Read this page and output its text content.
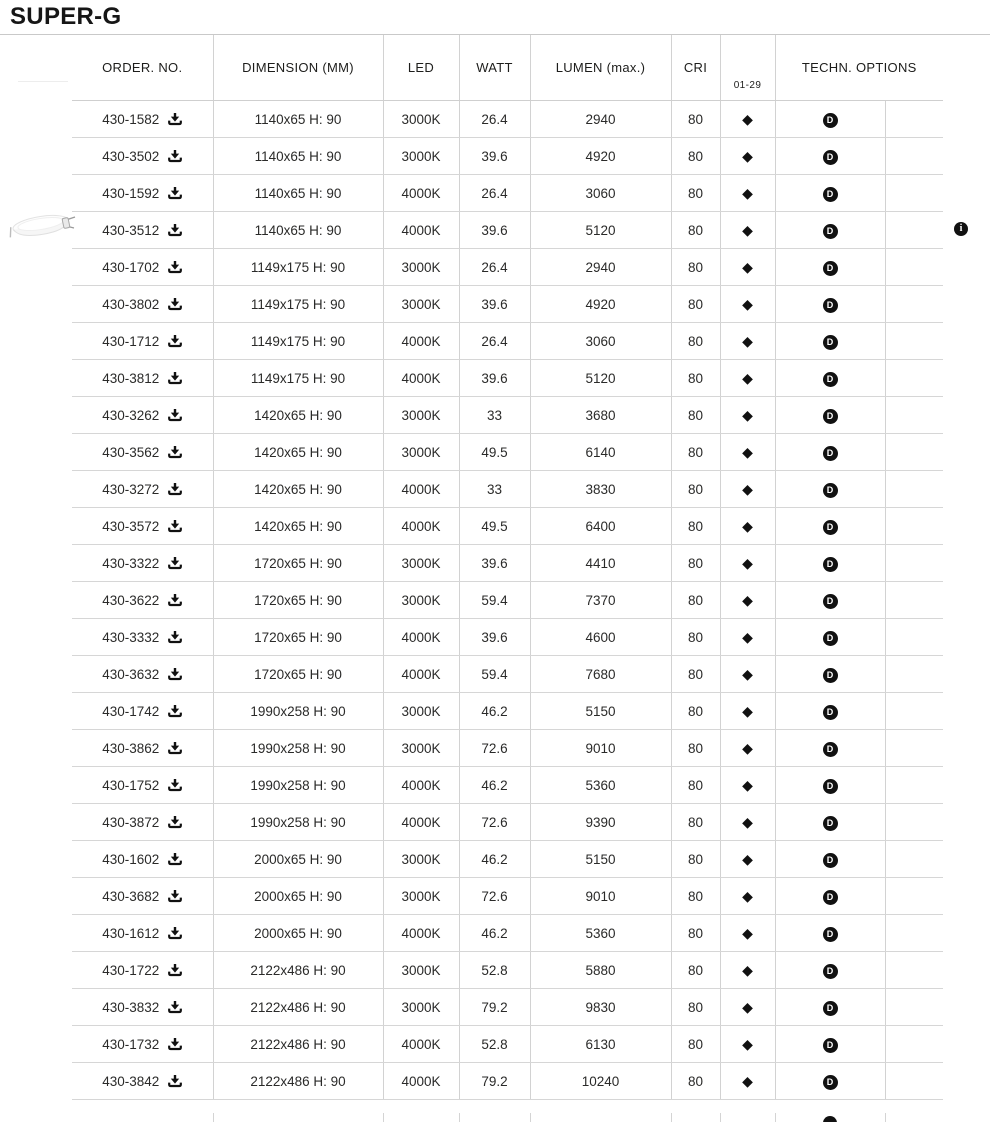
SUPER-G
ORDER. NO.	DIMENSION (MM)	LED	WATT	LUMEN (max.)	CRI	01-29	TECHN. OPTIONS	

430-1582	1140x65 H: 90	3000K	26.4	2940	80	◆	D	

430-3502	1140x65 H: 90	3000K	39.6	4920	80	◆	D	

430-1592	1140x65 H: 90	4000K	26.4	3060	80	◆	D	

430-3512	1140x65 H: 90	4000K	39.6	5120	80	◆	D	

430-1702	1149x175 H: 90	3000K	26.4	2940	80	◆	D	

430-3802	1149x175 H: 90	3000K	39.6	4920	80	◆	D	

430-1712	1149x175 H: 90	4000K	26.4	3060	80	◆	D	

430-3812	1149x175 H: 90	4000K	39.6	5120	80	◆	D	

430-3262	1420x65 H: 90	3000K	33	3680	80	◆	D	

430-3562	1420x65 H: 90	3000K	49.5	6140	80	◆	D	

430-3272	1420x65 H: 90	4000K	33	3830	80	◆	D	

430-3572	1420x65 H: 90	4000K	49.5	6400	80	◆	D	

430-3322	1720x65 H: 90	3000K	39.6	4410	80	◆	D	

430-3622	1720x65 H: 90	3000K	59.4	7370	80	◆	D	

430-3332	1720x65 H: 90	4000K	39.6	4600	80	◆	D	

430-3632	1720x65 H: 90	4000K	59.4	7680	80	◆	D	

430-1742	1990x258 H: 90	3000K	46.2	5150	80	◆	D	

430-3862	1990x258 H: 90	3000K	72.6	9010	80	◆	D	

430-1752	1990x258 H: 90	4000K	46.2	5360	80	◆	D	

430-3872	1990x258 H: 90	4000K	72.6	9390	80	◆	D	

430-1602	2000x65 H: 90	3000K	46.2	5150	80	◆	D	

430-3682	2000x65 H: 90	3000K	72.6	9010	80	◆	D	

430-1612	2000x65 H: 90	4000K	46.2	5360	80	◆	D	

430-1722	2122x486 H: 90	3000K	52.8	5880	80	◆	D	

430-3832	2122x486 H: 90	3000K	79.2	9830	80	◆	D	

430-1732	2122x486 H: 90	4000K	52.8	6130	80	◆	D	

430-3842	2122x486 H: 90	4000K	79.2	10240	80	◆	D	
i
